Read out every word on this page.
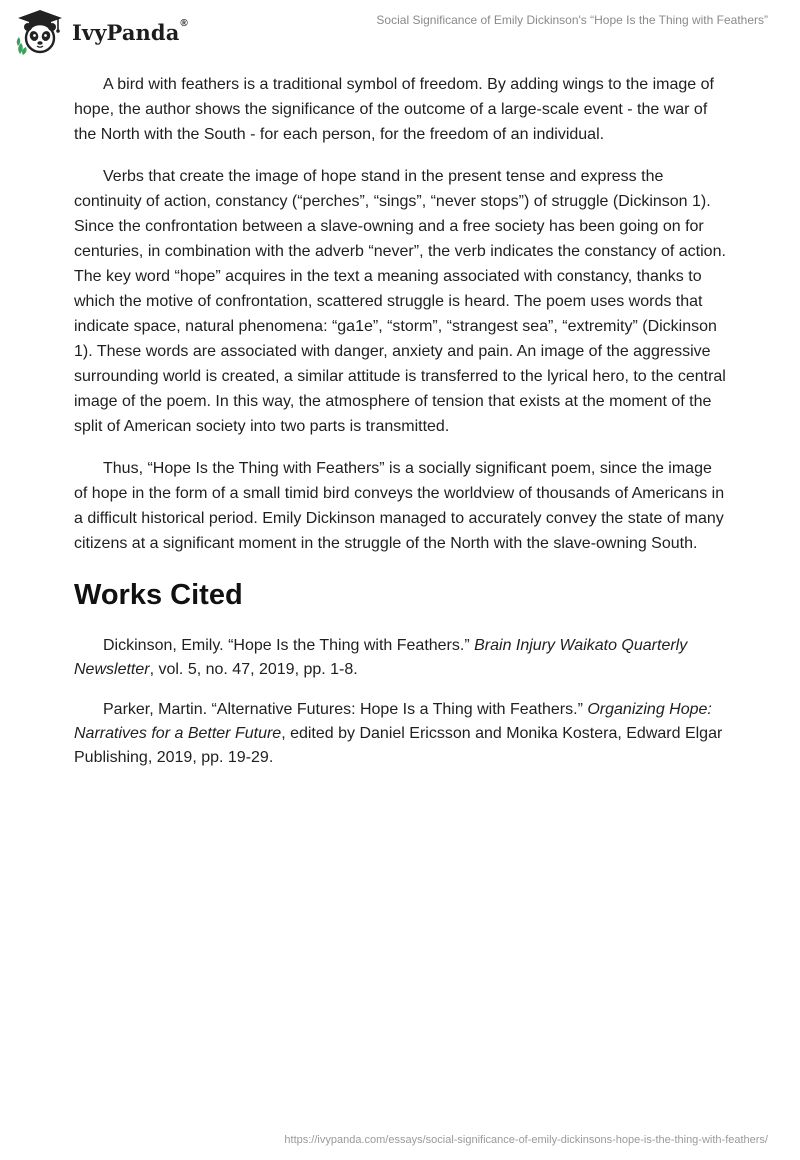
IvyPanda®	Social Significance of Emily Dickinson's “Hope Is the Thing with Feathers”

A bird with feathers is a traditional symbol of freedom. By adding wings to the image of hope, the author shows the significance of the outcome of a large-scale event - the war of the North with the South - for each person, for the freedom of an individual.

Verbs that create the image of hope stand in the present tense and express the continuity of action, constancy (“perches”, “sings”, “never stops”) of struggle (Dickinson 1). Since the confrontation between a slave-owning and a free society has been going on for centuries, in combination with the adverb “never”, the verb indicates the constancy of action. The key word “hope” acquires in the text a meaning associated with constancy, thanks to which the motive of confrontation, scattered struggle is heard. The poem uses words that indicate space, natural phenomena: “ga1e”, “storm”, “strangest sea”, “extremity” (Dickinson 1). These words are associated with danger, anxiety and pain. An image of the aggressive surrounding world is created, a similar attitude is transferred to the lyrical hero, to the central image of the poem. In this way, the atmosphere of tension that exists at the moment of the split of American society into two parts is transmitted.

Thus, “Hope Is the Thing with Feathers” is a socially significant poem, since the image of hope in the form of a small timid bird conveys the worldview of thousands of Americans in a difficult historical period. Emily Dickinson managed to accurately convey the state of many citizens at a significant moment in the struggle of the North with the slave-owning South.

Works Cited

Dickinson, Emily. “Hope Is the Thing with Feathers.” Brain Injury Waikato Quarterly Newsletter, vol. 5, no. 47, 2019, pp. 1-8.

Parker, Martin. “Alternative Futures: Hope Is a Thing with Feathers.” Organizing Hope: Narratives for a Better Future, edited by Daniel Ericsson and Monika Kostera, Edward Elgar Publishing, 2019, pp. 19-29.

https://ivypanda.com/essays/social-significance-of-emily-dickinsons-hope-is-the-thing-with-feathers/
